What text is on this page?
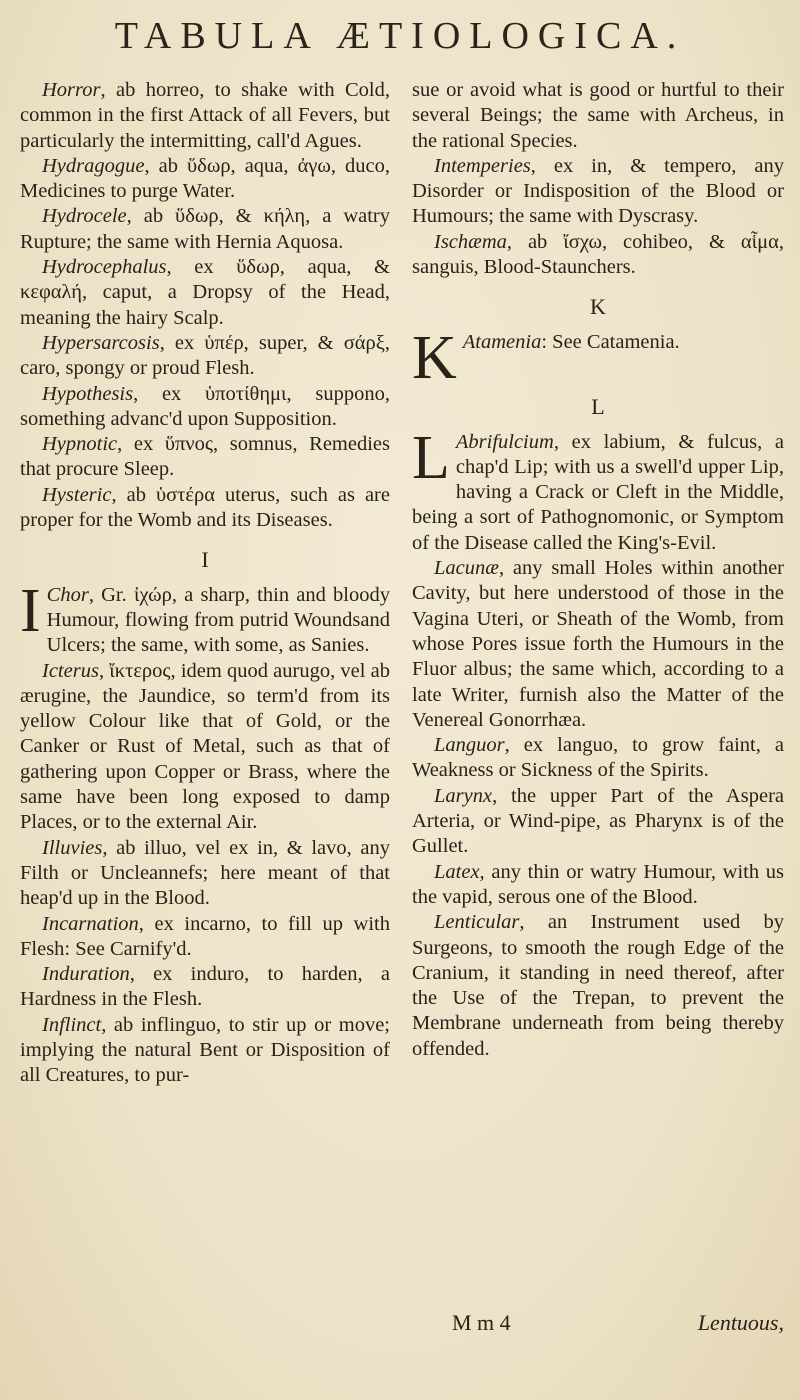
TABULA ÆTIOLOGICA.

Horror, ab horreo, to shake with Cold, common in the first Attack of all Fevers, but particularly the intermitting, call'd Agues.

Hydragogue, ab ὕδωρ, aqua, ἀγω, duco, Medicines to purge Water.

Hydrocele, ab ὕδωρ, & κήλη, a watry Rupture; the same with Hernia Aquosa.

Hydrocephalus, ex ὕδωρ, aqua, & κεφαλή, caput, a Dropsy of the Head, meaning the hairy Scalp.

Hypersarcosis, ex ὑπέρ, super, & σάρξ, caro, spongy or proud Flesh.

Hypothesis, ex ὑποτίθημι, suppono, something advanc'd upon Supposition.

Hypnotic, ex ὕπνος, somnus, Remedies that procure Sleep.

Hysteric, ab ὑστέρα uterus, such as are proper for the Womb and its Diseases.

I

I Chor, Gr. ἰχώρ, a sharp, thin and bloody Humour, flowing from putrid Woundsand Ulcers; the same, with some, as Sanies.

Icterus, ἴκτερος, idem quod aurugo, vel ab ærugine, the Jaundice, so term'd from its yellow Colour like that of Gold, or the Canker or Rust of Metal, such as that of gathering upon Copper or Brass, where the same have been long exposed to damp Places, or to the external Air.

Illuvies, ab illuo, vel ex in, & lavo, any Filth or Uncleannefs; here meant of that heap'd up in the Blood.

Incarnation, ex incarno, to fill up with Flesh: See Carnify'd.

Induration, ex induro, to harden, a Hardness in the Flesh.

Inflinct, ab inflinguo, to stir up or move; implying the natural Bent or Disposition of all Creatures, to pur-

sue or avoid what is good or hurtful to their several Beings; the same with Archeus, in the rational Species.

Intemperies, ex in, & tempero, any Disorder or Indisposition of the Blood or Humours; the same with Dyscrasy.

Ischæma, ab ἴσχω, cohibeo, & αἷμα, sanguis, Blood-Staunchers.

K

K Atamenia: See Catamenia.

L

L Abrifulcium, ex labium, & fulcus, a chap'd Lip; with us a swell'd upper Lip, having a Crack or Cleft in the Middle, being a sort of Pathognomonic, or Symptom of the Disease called the King's-Evil.

Lacunæ, any small Holes within another Cavity, but here understood of those in the Vagina Uteri, or Sheath of the Womb, from whose Pores issue forth the Humours in the Fluor albus; the same which, according to a late Writer, furnish also the Matter of the Venereal Gonorrhæa.

Languor, ex languo, to grow faint, a Weakness or Sickness of the Spirits.

Larynx, the upper Part of the Aspera Arteria, or Wind-pipe, as Pharynx is of the Gullet.

Latex, any thin or watry Humour, with us the vapid, serous one of the Blood.

Lenticular, an Instrument used by Surgeons, to smooth the rough Edge of the Cranium, it standing in need thereof, after the Use of the Trepan, to prevent the Membrane underneath from being thereby offended.

M m 4	Lentuous,
